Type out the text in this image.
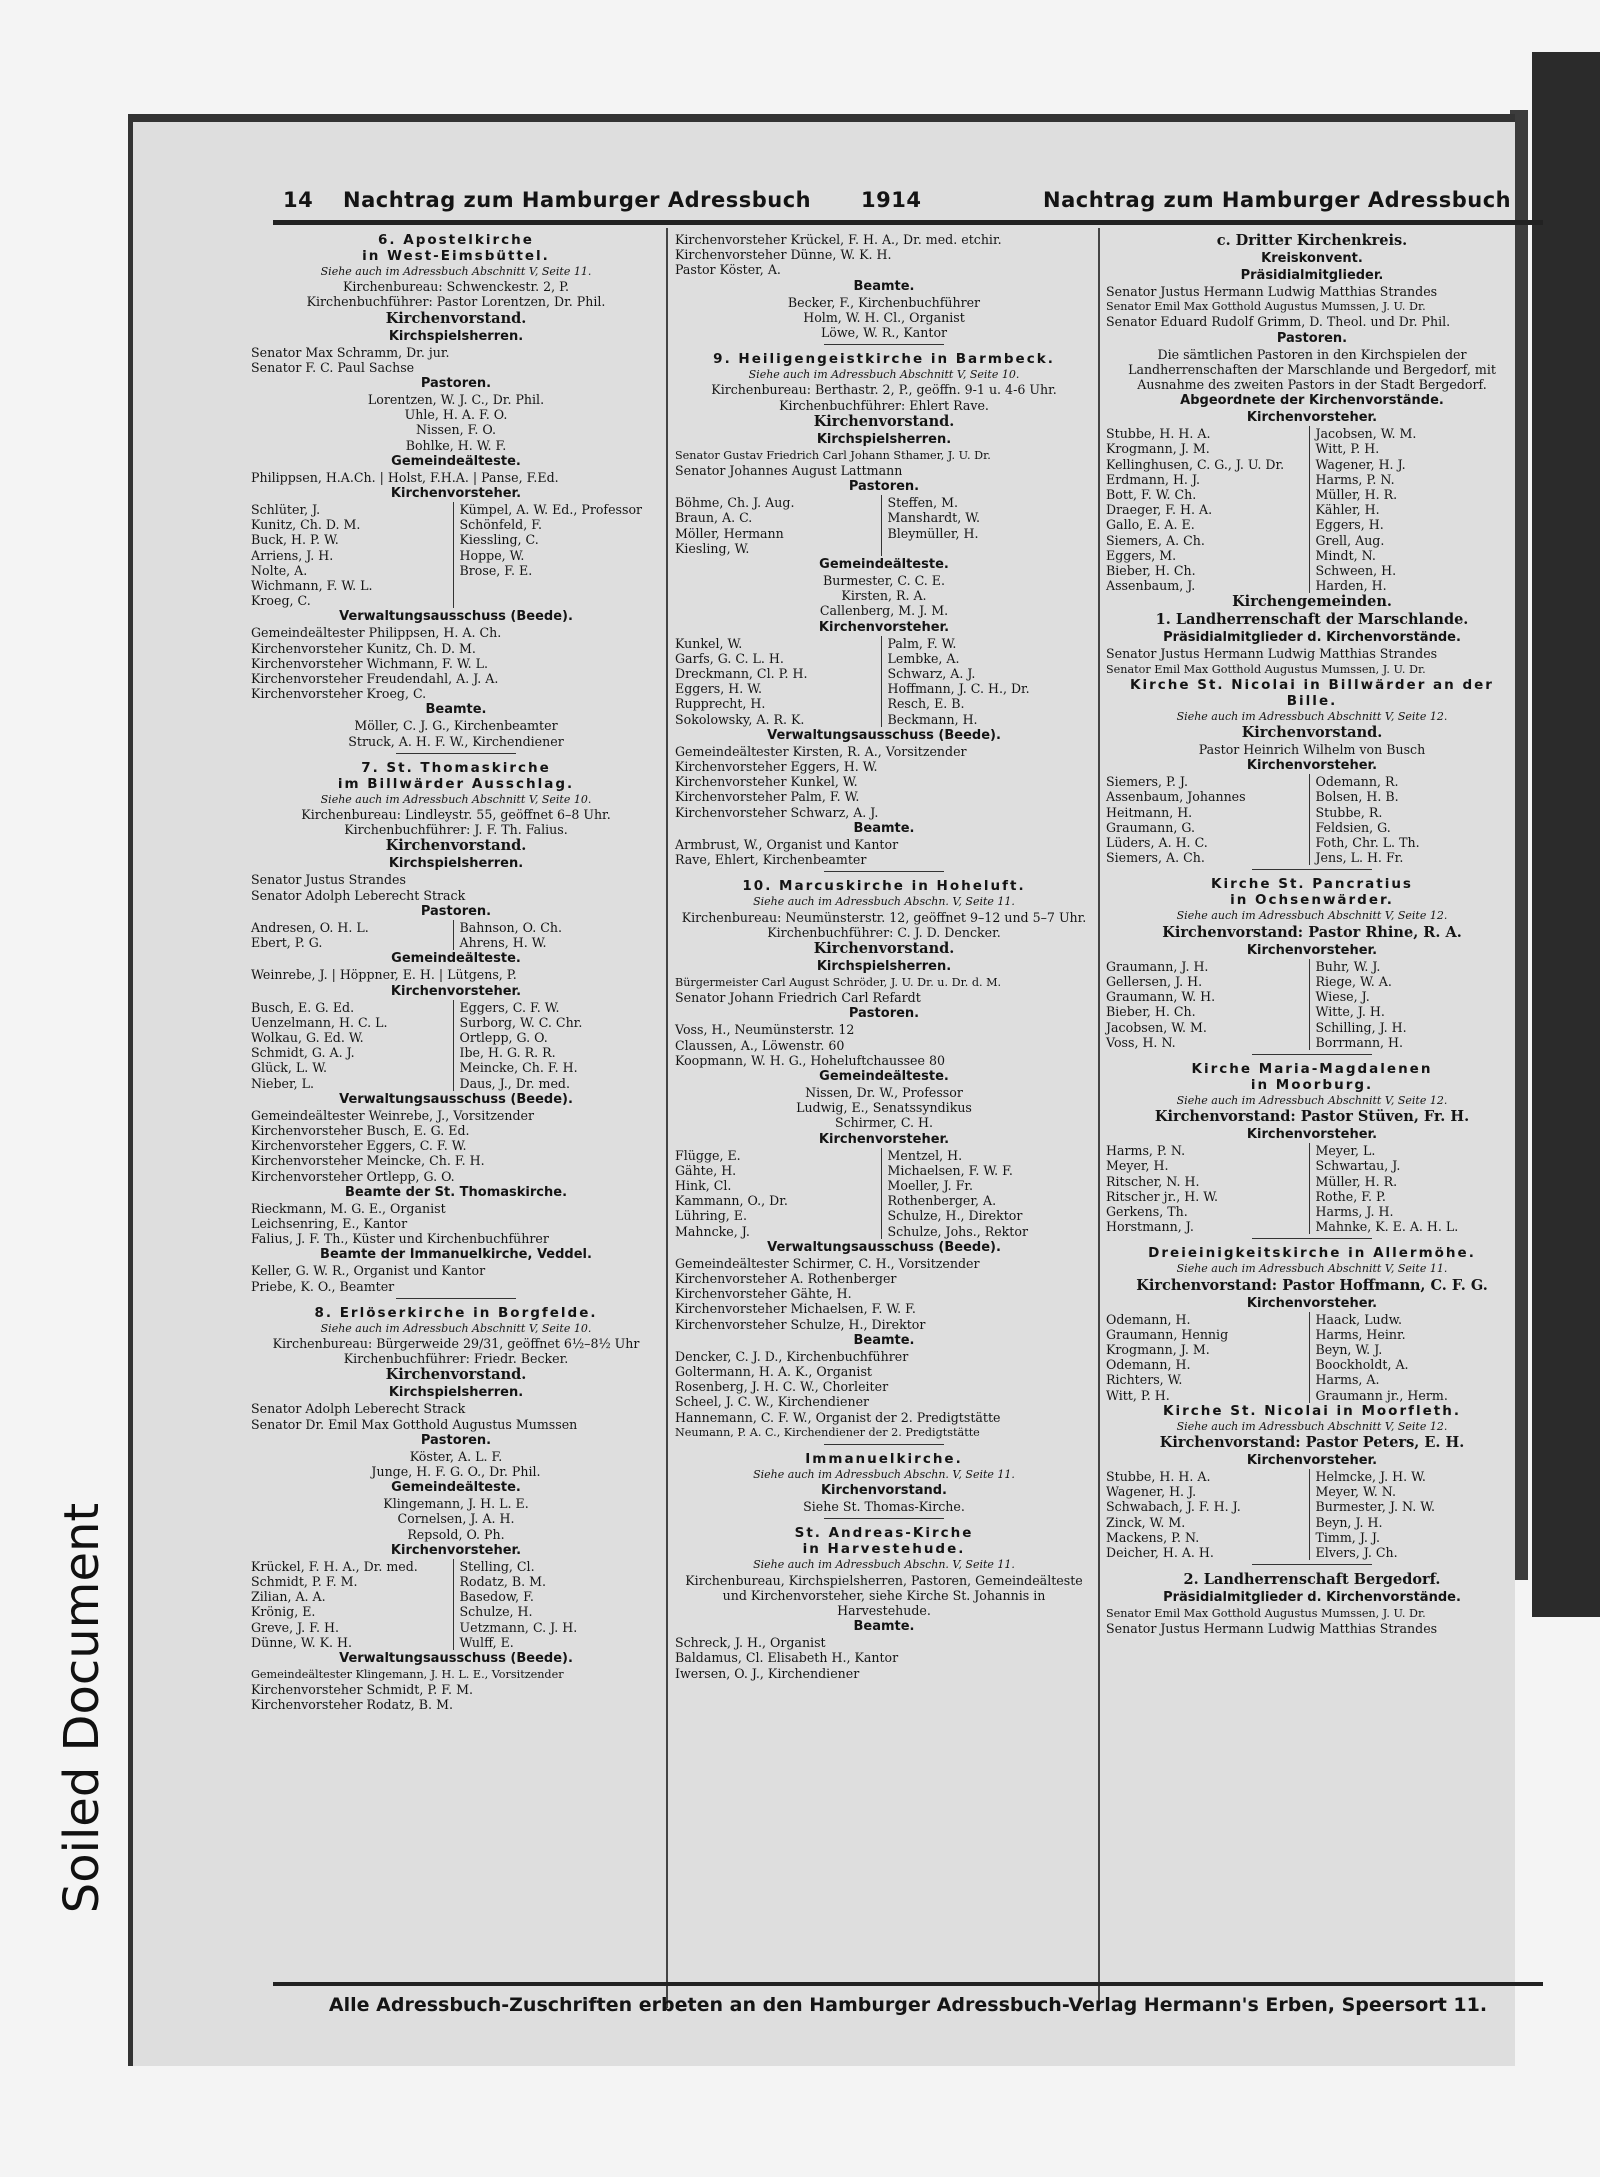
14 Nachtrag zum Hamburger Adressbuch 1914	Nachtrag zum Hamburger Adressbuch
6. Apostelkirche
in West-Eimsbüttel.
Siehe auch im Adressbuch Abschnitt V, Seite 11.
Kirchenbureau: Schwenckestr. 2, P.
Kirchenbuchführer: Pastor Lorentzen, Dr. Phil.
Kirchenvorstand.
Kirchspielsherren.
Senator Max Schramm, Dr. jur.
Senator F. C. Paul Sachse
Pastoren.
Lorentzen, W. J. C., Dr. Phil.
Uhle, H. A. F. O.
Nissen, F. O.
Bohlke, H. W. F.
Gemeindeälteste.
Philippsen, H.A.Ch. | Holst, F.H.A. | Panse, F.Ed.
Kirchenvorsteher.
Schlüter, J.
Kunitz, Ch. D. M.
Buck, H. P. W.
Arriens, J. H.
Nolte, A.
Wichmann, F. W. L.
Kroeg, C.
Kümpel, A. W. Ed., Professor
Schönfeld, F.
Kiessling, C.
Hoppe, W.
Brose, F. E.
Verwaltungsausschuss (Beede).
Gemeindeältester Philippsen, H. A. Ch.
Kirchenvorsteher Kunitz, Ch. D. M.
Kirchenvorsteher Wichmann, F. W. L.
Kirchenvorsteher Freudendahl, A. J. A.
Kirchenvorsteher Kroeg, C.
Beamte.
Möller, C. J. G., Kirchenbeamter
Struck, A. H. F. W., Kirchendiener
7. St. Thomaskirche
im Billwärder Ausschlag.
Siehe auch im Adressbuch Abschnitt V, Seite 10.
Kirchenbureau: Lindleystr. 55, geöffnet 6–8 Uhr.
Kirchenbuchführer: J. F. Th. Falius.
Kirchenvorstand.
Kirchspielsherren.
Senator Justus Strandes
Senator Adolph Leberecht Strack
Pastoren.
Andresen, O. H. L.
Ebert, P. G.
Bahnson, O. Ch.
Ahrens, H. W.
Gemeindeälteste.
Weinrebe, J. | Höppner, E. H. | Lütgens, P.
Kirchenvorsteher.
Busch, E. G. Ed.
Uenzelmann, H. C. L.
Wolkau, G. Ed. W.
Schmidt, G. A. J.
Glück, L. W.
Nieber, L.
Eggers, C. F. W.
Surborg, W. C. Chr.
Ortlepp, G. O.
Ibe, H. G. R. R.
Meincke, Ch. F. H.
Daus, J., Dr. med.
Verwaltungsausschuss (Beede).
Gemeindeältester Weinrebe, J., Vorsitzender
Kirchenvorsteher Busch, E. G. Ed.
Kirchenvorsteher Eggers, C. F. W.
Kirchenvorsteher Meincke, Ch. F. H.
Kirchenvorsteher Ortlepp, G. O.
Beamte der St. Thomaskirche.
Rieckmann, M. G. E., Organist
Leichsenring, E., Kantor
Falius, J. F. Th., Küster und Kirchenbuchführer
Beamte der Immanuelkirche, Veddel.
Keller, G. W. R., Organist und Kantor
Priebe, K. O., Beamter
8. Erlöserkirche in Borgfelde.
Siehe auch im Adressbuch Abschnitt V, Seite 10.
Kirchenbureau: Bürgerweide 29/31, geöffnet 6½–8½ Uhr
Kirchenbuchführer: Friedr. Becker.
Kirchenvorstand.
Kirchspielsherren.
Senator Adolph Leberecht Strack
Senator Dr. Emil Max Gotthold Augustus Mumssen
Pastoren.
Köster, A. L. F.
Junge, H. F. G. O., Dr. Phil.
Gemeindeälteste.
Klingemann, J. H. L. E.
Cornelsen, J. A. H.
Repsold, O. Ph.
Kirchenvorsteher.
Krückel, F. H. A., Dr. med.
Schmidt, P. F. M.
Zilian, A. A.
Krönig, E.
Greve, J. F. H.
Dünne, W. K. H.
Stelling, Cl.
Rodatz, B. M.
Basedow, F.
Schulze, H.
Uetzmann, C. J. H.
Wulff, E.
Verwaltungsausschuss (Beede).
Gemeindeältester Klingemann, J. H. L. E., Vorsitzender
Kirchenvorsteher Schmidt, P. F. M.
Kirchenvorsteher Rodatz, B. M.
Kirchenvorsteher Krückel, F. H. A., Dr. med. etchir.
Kirchenvorsteher Dünne, W. K. H.
Pastor Köster, A.
Beamte.
Becker, F., Kirchenbuchführer
Holm, W. H. Cl., Organist
Löwe, W. R., Kantor
9. Heiligengeistkirche in Barmbeck.
Siehe auch im Adressbuch Abschnitt V, Seite 10.
Kirchenbureau: Berthastr. 2, P., geöffn. 9-1 u. 4-6 Uhr.
Kirchenbuchführer: Ehlert Rave.
Kirchenvorstand.
Kirchspielsherren.
Senator Gustav Friedrich Carl Johann Sthamer, J. U. Dr.
Senator Johannes August Lattmann
Pastoren.
Böhme, Ch. J. Aug.
Braun, A. C.
Möller, Hermann
Kiesling, W.
Steffen, M.
Manshardt, W.
Bleymüller, H.
Gemeindeälteste.
Burmester, C. C. E.
Kirsten, R. A.
Callenberg, M. J. M.
Kirchenvorsteher.
Kunkel, W.
Garfs, G. C. L. H.
Dreckmann, Cl. P. H.
Eggers, H. W.
Rupprecht, H.
Sokolowsky, A. R. K.
Palm, F. W.
Lembke, A.
Schwarz, A. J.
Hoffmann, J. C. H., Dr.
Resch, E. B.
Beckmann, H.
Verwaltungsausschuss (Beede).
Gemeindeältester Kirsten, R. A., Vorsitzender
Kirchenvorsteher Eggers, H. W.
Kirchenvorsteher Kunkel, W.
Kirchenvorsteher Palm, F. W.
Kirchenvorsteher Schwarz, A. J.
Beamte.
Armbrust, W., Organist und Kantor
Rave, Ehlert, Kirchenbeamter
10. Marcuskirche in Hoheluft.
Siehe auch im Adressbuch Abschn. V, Seite 11.
Kirchenbureau: Neumünsterstr. 12, geöffnet 9–12 und 5–7 Uhr.
Kirchenbuchführer: C. J. D. Dencker.
Kirchenvorstand.
Kirchspielsherren.
Bürgermeister Carl August Schröder, J. U. Dr. u. Dr. d. M.
Senator Johann Friedrich Carl Refardt
Pastoren.
Voss, H., Neumünsterstr. 12
Claussen, A., Löwenstr. 60
Koopmann, W. H. G., Hoheluftchaussee 80
Gemeindeälteste.
Nissen, Dr. W., Professor
Ludwig, E., Senatssyndikus
Schirmer, C. H.
Kirchenvorsteher.
Flügge, E.
Gähte, H.
Hink, Cl.
Kammann, O., Dr.
Lühring, E.
Mahncke, J.
Mentzel, H.
Michaelsen, F. W. F.
Moeller, J. Fr.
Rothenberger, A.
Schulze, H., Direktor
Schulze, Johs., Rektor
Verwaltungsausschuss (Beede).
Gemeindeältester Schirmer, C. H., Vorsitzender
Kirchenvorsteher A. Rothenberger
Kirchenvorsteher Gähte, H.
Kirchenvorsteher Michaelsen, F. W. F.
Kirchenvorsteher Schulze, H., Direktor
Beamte.
Dencker, C. J. D., Kirchenbuchführer
Goltermann, H. A. K., Organist
Rosenberg, J. H. C. W., Chorleiter
Scheel, J. C. W., Kirchendiener
Hannemann, C. F. W., Organist der 2. Predigtstätte
Neumann, P. A. C., Kirchendiener der 2. Predigtstätte
Immanuelkirche.
Siehe auch im Adressbuch Abschn. V, Seite 11.
Kirchenvorstand.
Siehe St. Thomas-Kirche.
St. Andreas-Kirche
in Harvestehude.
Siehe auch im Adressbuch Abschn. V, Seite 11.
Kirchenbureau, Kirchspielsherren, Pastoren, Gemeindeälteste und Kirchenvorsteher, siehe Kirche St. Johannis in Harvestehude.
Beamte.
Schreck, J. H., Organist
Baldamus, Cl. Elisabeth H., Kantor
Iwersen, O. J., Kirchendiener
c. Dritter Kirchenkreis.
Kreiskonvent.
Präsidialmitglieder.
Senator Justus Hermann Ludwig Matthias Strandes
Senator Emil Max Gotthold Augustus Mumssen, J. U. Dr.
Senator Eduard Rudolf Grimm, D. Theol. und Dr. Phil.
Pastoren.
Die sämtlichen Pastoren in den Kirchspielen der Landherrenschaften der Marschlande und Bergedorf, mit Ausnahme des zweiten Pastors in der Stadt Bergedorf.
Abgeordnete der Kirchenvorstände.
Kirchenvorsteher.
Stubbe, H. H. A.
Krogmann, J. M.
Kellinghusen, C. G., J. U. Dr.
Erdmann, H. J.
Bott, F. W. Ch.
Draeger, F. H. A.
Gallo, E. A. E.
Siemers, A. Ch.
Eggers, M.
Bieber, H. Ch.
Assenbaum, J.
Jacobsen, W. M.
Witt, P. H.
Wagener, H. J.
Harms, P. N.
Müller, H. R.
Kähler, H.
Eggers, H.
Grell, Aug.
Mindt, N.
Schween, H.
Harden, H.
Kirchengemeinden.
1. Landherrenschaft der Marschlande.
Präsidialmitglieder d. Kirchenvorstände.
Senator Justus Hermann Ludwig Matthias Strandes
Senator Emil Max Gotthold Augustus Mumssen, J. U. Dr.
Kirche St. Nicolai in Billwärder an der Bille.
Siehe auch im Adressbuch Abschnitt V, Seite 12.
Kirchenvorstand.
Pastor Heinrich Wilhelm von Busch
Kirchenvorsteher.
Siemers, P. J.
Assenbaum, Johannes
Heitmann, H.
Graumann, G.
Lüders, A. H. C.
Siemers, A. Ch.
Odemann, R.
Bolsen, H. B.
Stubbe, R.
Feldsien, G.
Foth, Chr. L. Th.
Jens, L. H. Fr.
Kirche St. Pancratius
in Ochsenwärder.
Siehe auch im Adressbuch Abschnitt V, Seite 12.
Kirchenvorstand: Pastor Rhine, R. A.
Kirchenvorsteher.
Graumann, J. H.
Gellersen, J. H.
Graumann, W. H.
Bieber, H. Ch.
Jacobsen, W. M.
Voss, H. N.
Buhr, W. J.
Riege, W. A.
Wiese, J.
Witte, J. H.
Schilling, J. H.
Borrmann, H.
Kirche Maria-Magdalenen
in Moorburg.
Siehe auch im Adressbuch Abschnitt V, Seite 12.
Kirchenvorstand: Pastor Stüven, Fr. H.
Kirchenvorsteher.
Harms, P. N.
Meyer, H.
Ritscher, N. H.
Ritscher jr., H. W.
Gerkens, Th.
Horstmann, J.
Meyer, L.
Schwartau, J.
Müller, H. R.
Rothe, F. P.
Harms, J. H.
Mahnke, K. E. A. H. L.
Dreieinigkeitskirche in Allermöhe.
Siehe auch im Adressbuch Abschnitt V, Seite 11.
Kirchenvorstand: Pastor Hoffmann, C. F. G.
Kirchenvorsteher.
Odemann, H.
Graumann, Hennig
Krogmann, J. M.
Odemann, H.
Richters, W.
Witt, P. H.
Haack, Ludw.
Harms, Heinr.
Beyn, W. J.
Boockholdt, A.
Harms, A.
Graumann jr., Herm.
Kirche St. Nicolai in Moorfleth.
Siehe auch im Adressbuch Abschnitt V, Seite 12.
Kirchenvorstand: Pastor Peters, E. H.
Kirchenvorsteher.
Stubbe, H. H. A.
Wagener, H. J.
Schwabach, J. F. H. J.
Zinck, W. M.
Mackens, P. N.
Deicher, H. A. H.
Helmcke, J. H. W.
Meyer, W. N.
Burmester, J. N. W.
Beyn, J. H.
Timm, J. J.
Elvers, J. Ch.
2. Landherrenschaft Bergedorf.
Präsidialmitglieder d. Kirchenvorstände.
Senator Emil Max Gotthold Augustus Mumssen, J. U. Dr.
Senator Justus Hermann Ludwig Matthias Strandes
Alle Adressbuch-Zuschriften erbeten an den Hamburger Adressbuch-Verlag Hermann's Erben, Speersort 11.
Soiled Document
